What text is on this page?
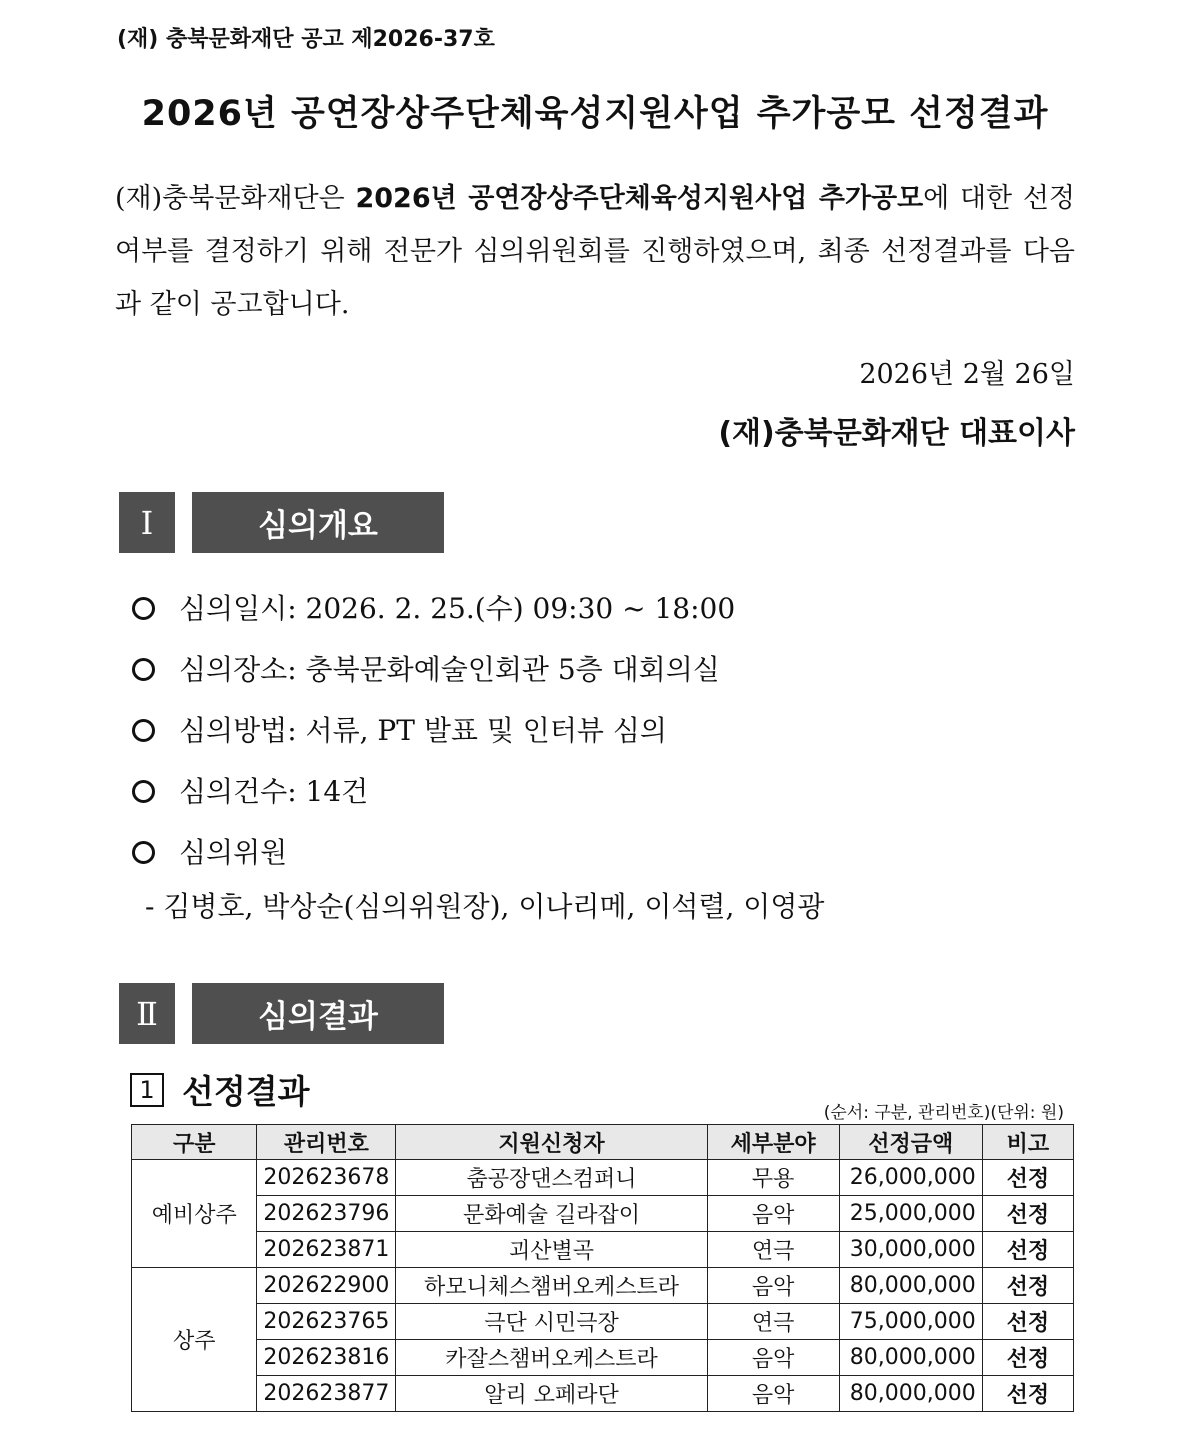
(재) 충북문화재단 공고 제2026-37호
2026년 공연장상주단체육성지원사업 추가공모 선정결과
(재)충북문화재단은 2026년 공연장상주단체육성지원사업 추가공모에 대한 선정 여부를 결정하기 위해 전문가 심의위원회를 진행하였으며, 최종 선정결과를 다음과 같이 공고합니다.
2026년 2월 26일
(재)충북문화재단 대표이사
Ⅰ	심의개요
심의일시: 2026. 2. 25.(수) 09:30 ~ 18:00
심의장소: 충북문화예술인회관 5층 대회의실
심의방법: 서류, PT 발표 및 인터뷰 심의
심의건수: 14건
심의위원
- 김병호, 박상순(심의위원장), 이나리메, 이석렬, 이영광
Ⅱ	심의결과
1 선정결과
(순서: 구분, 관리번호)(단위: 원)
구분	관리번호	지원신청자	세부분야	선정금액	비고
예비상주	202623678	춤공장댄스컴퍼니	무용	26,000,000	선정
	202623796	문화예술 길라잡이	음악	25,000,000	선정
	202623871	괴산별곡	연극	30,000,000	선정
상주	202622900	하모니체스챔버오케스트라	음악	80,000,000	선정
	202623765	극단 시민극장	연극	75,000,000	선정
	202623816	카잘스챔버오케스트라	음악	80,000,000	선정
	202623877	알리 오페라단	음악	80,000,000	선정
